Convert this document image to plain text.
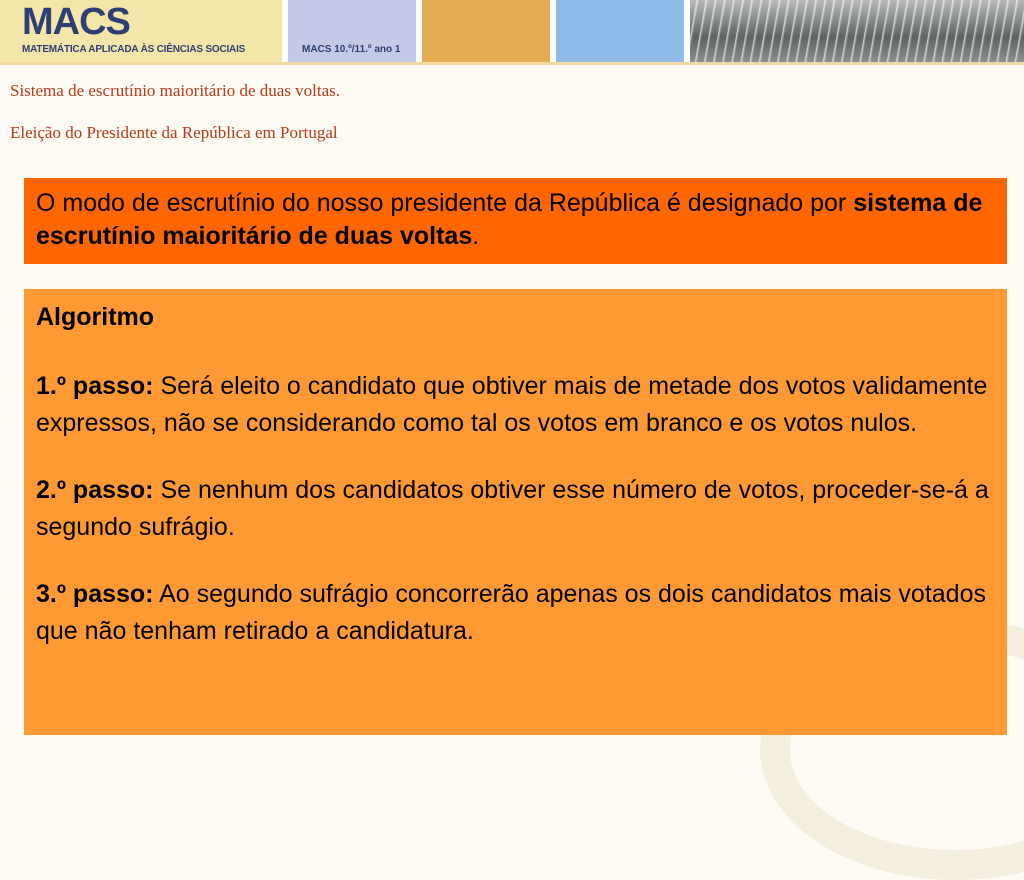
MACS
MATEMÁTICA APLICADA ÀS CIÊNCIAS SOCIAIS	MACS 10.º/11.º ano 1
Sistema de escrutínio maioritário de duas voltas.
Eleição do Presidente da República em Portugal
O modo de escrutínio do nosso presidente da República é designado por sistema de escrutínio maioritário de duas voltas.

Algoritmo

1.º passo: Será eleito o candidato que obtiver mais de metade dos votos validamente expressos, não se considerando como tal os votos em branco e os votos nulos.

2.º passo: Se nenhum dos candidatos obtiver esse número de votos, proceder-se-á a segundo sufrágio.

3.º passo: Ao segundo sufrágio concorrerão apenas os dois candidatos mais votados que não tenham retirado a candidatura.
